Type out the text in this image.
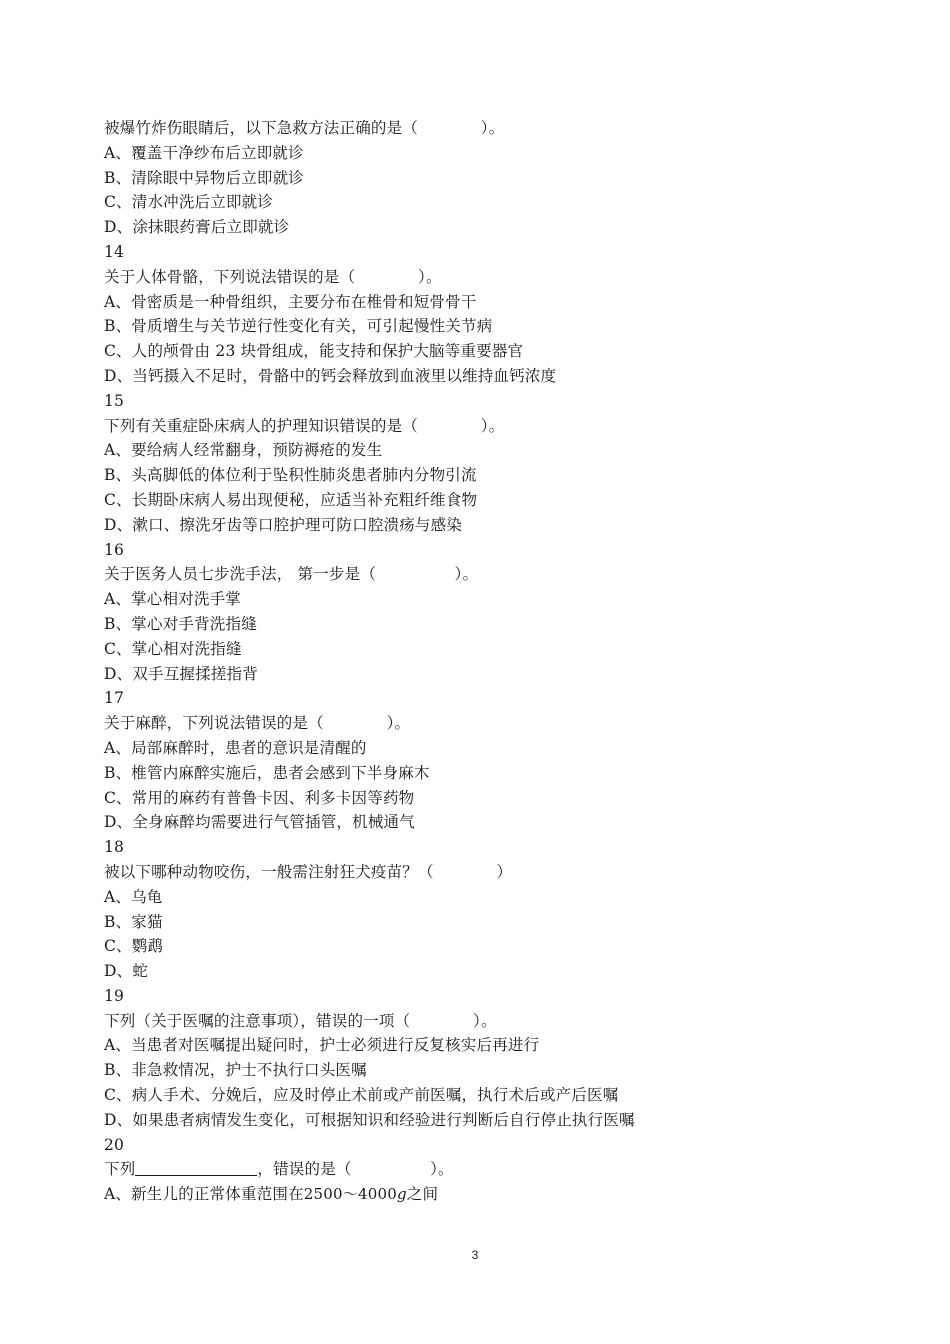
被爆竹炸伤眼睛后，以下急救方法正确的是（　　　　）。
A、覆盖干净纱布后立即就诊
B、清除眼中异物后立即就诊
C、清水冲洗后立即就诊
D、涂抹眼药膏后立即就诊
14
关于人体骨骼，下列说法错误的是（　　　　）。
A、骨密质是一种骨组织，主要分布在椎骨和短骨骨干
B、骨质增生与关节逆行性变化有关，可引起慢性关节病
C、人的颅骨由 23 块骨组成，能支持和保护大脑等重要器官
D、当钙摄入不足时，骨骼中的钙会释放到血液里以维持血钙浓度
15
下列有关重症卧床病人的护理知识错误的是（　　　　）。
A、要给病人经常翻身，预防褥疮的发生
B、头高脚低的体位利于坠积性肺炎患者肺内分物引流
C、长期卧床病人易出现便秘，应适当补充粗纤维食物
D、漱口、擦洗牙齿等口腔护理可防口腔溃疡与感染
16
关于医务人员七步洗手法， 第一步是（　　　　　）。
A、掌心相对洗手掌
B、掌心对手背洗指缝
C、掌心相对洗指缝
D、双手互握揉搓指背
17
关于麻醉，下列说法错误的是（　　　　）。
A、局部麻醉时，患者的意识是清醒的
B、椎管内麻醉实施后，患者会感到下半身麻木
C、常用的麻药有普鲁卡因、利多卡因等药物
D、全身麻醉均需要进行气管插管，机械通气
18
被以下哪种动物咬伤，一般需注射狂犬疫苗？（　　　　）
A、乌龟
B、家猫
C、鹦鹉
D、蛇
19
下列（关于医嘱的注意事项），错误的一项（　　　　）。
A、当患者对医嘱提出疑问时，护士必须进行反复核实后再进行
B、非急救情况，护士不执行口头医嘱
C、病人手术、分娩后，应及时停止术前或产前医嘱，执行术后或产后医嘱
D、如果患者病情发生变化，可根据知识和经验进行判断后自行停止执行医嘱
20
下列	，错误的是（　　　　　）。
A、新生儿的正常体重范围在2500～4000g之间
3
